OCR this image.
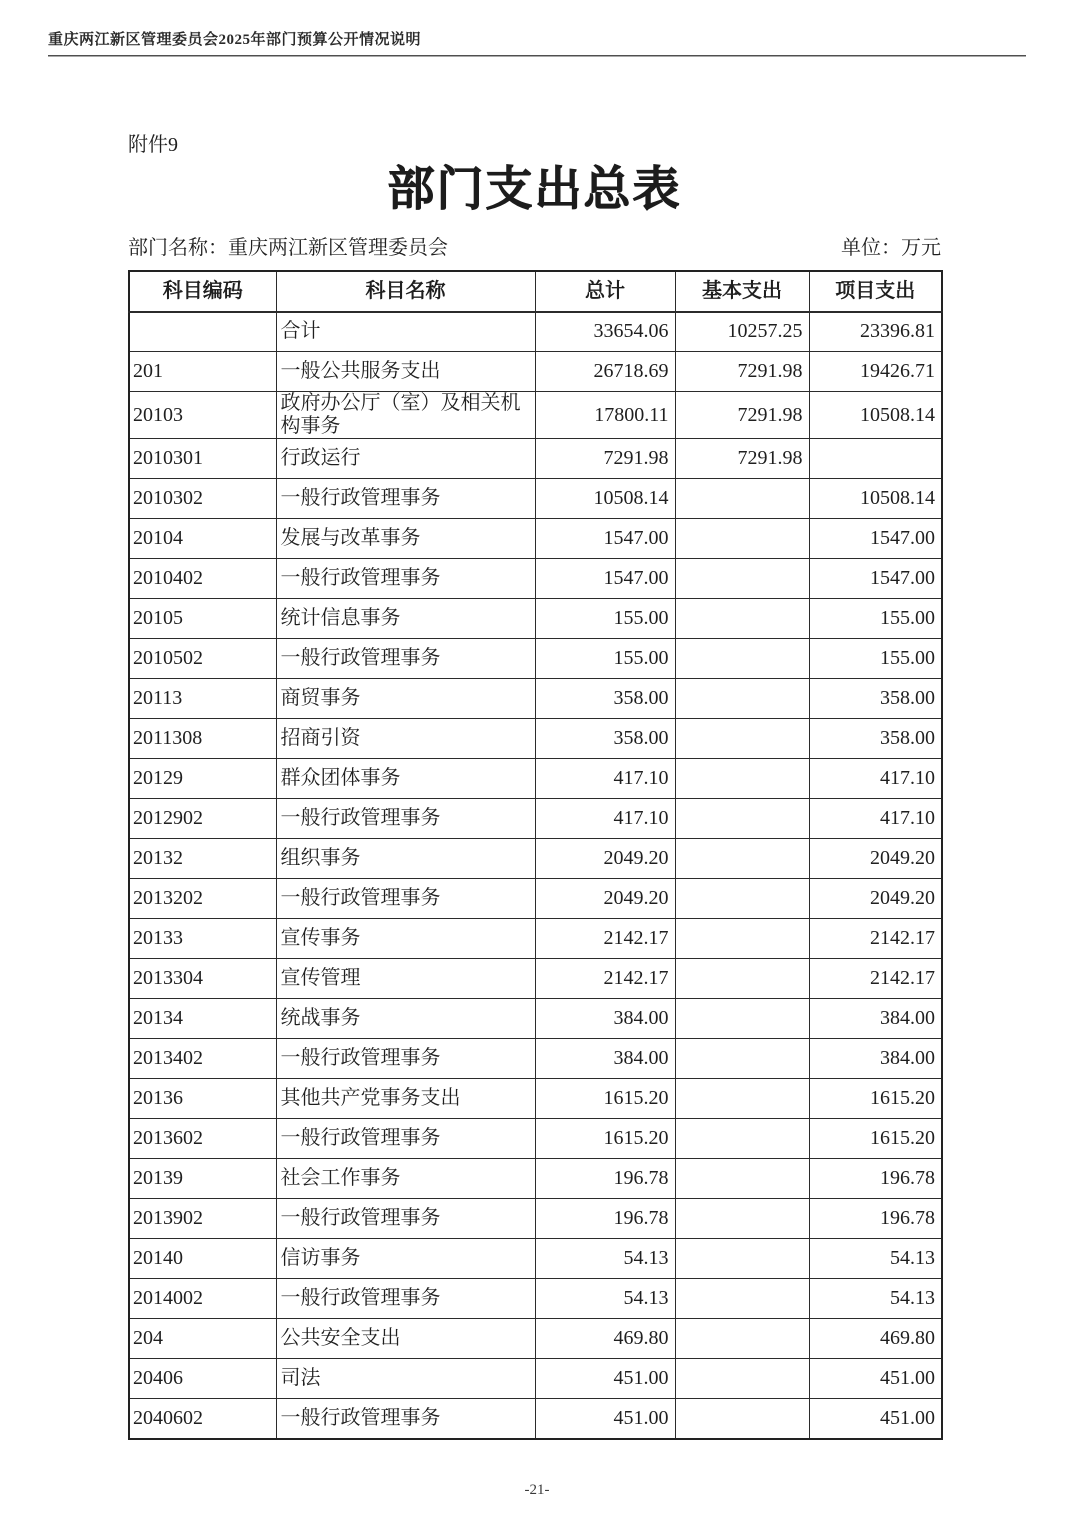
重庆两江新区管理委员会2025年部门预算公开情况说明
附件9
部门支出总表
部门名称：重庆两江新区管理委员会	单位：万元
科目编码	科目名称	总计	基本支出	项目支出
	合计	33654.06	10257.25	23396.81
201	一般公共服务支出	26718.69	7291.98	19426.71
20103	政府办公厅（室）及相关机构事务	17800.11	7291.98	10508.14
2010301	行政运行	7291.98	7291.98	
2010302	一般行政管理事务	10508.14		10508.14
20104	发展与改革事务	1547.00		1547.00
2010402	一般行政管理事务	1547.00		1547.00
20105	统计信息事务	155.00		155.00
2010502	一般行政管理事务	155.00		155.00
20113	商贸事务	358.00		358.00
2011308	招商引资	358.00		358.00
20129	群众团体事务	417.10		417.10
2012902	一般行政管理事务	417.10		417.10
20132	组织事务	2049.20		2049.20
2013202	一般行政管理事务	2049.20		2049.20
20133	宣传事务	2142.17		2142.17
2013304	宣传管理	2142.17		2142.17
20134	统战事务	384.00		384.00
2013402	一般行政管理事务	384.00		384.00
20136	其他共产党事务支出	1615.20		1615.20
2013602	一般行政管理事务	1615.20		1615.20
20139	社会工作事务	196.78		196.78
2013902	一般行政管理事务	196.78		196.78
20140	信访事务	54.13		54.13
2014002	一般行政管理事务	54.13		54.13
204	公共安全支出	469.80		469.80
20406	司法	451.00		451.00
2040602	一般行政管理事务	451.00		451.00
-21-
